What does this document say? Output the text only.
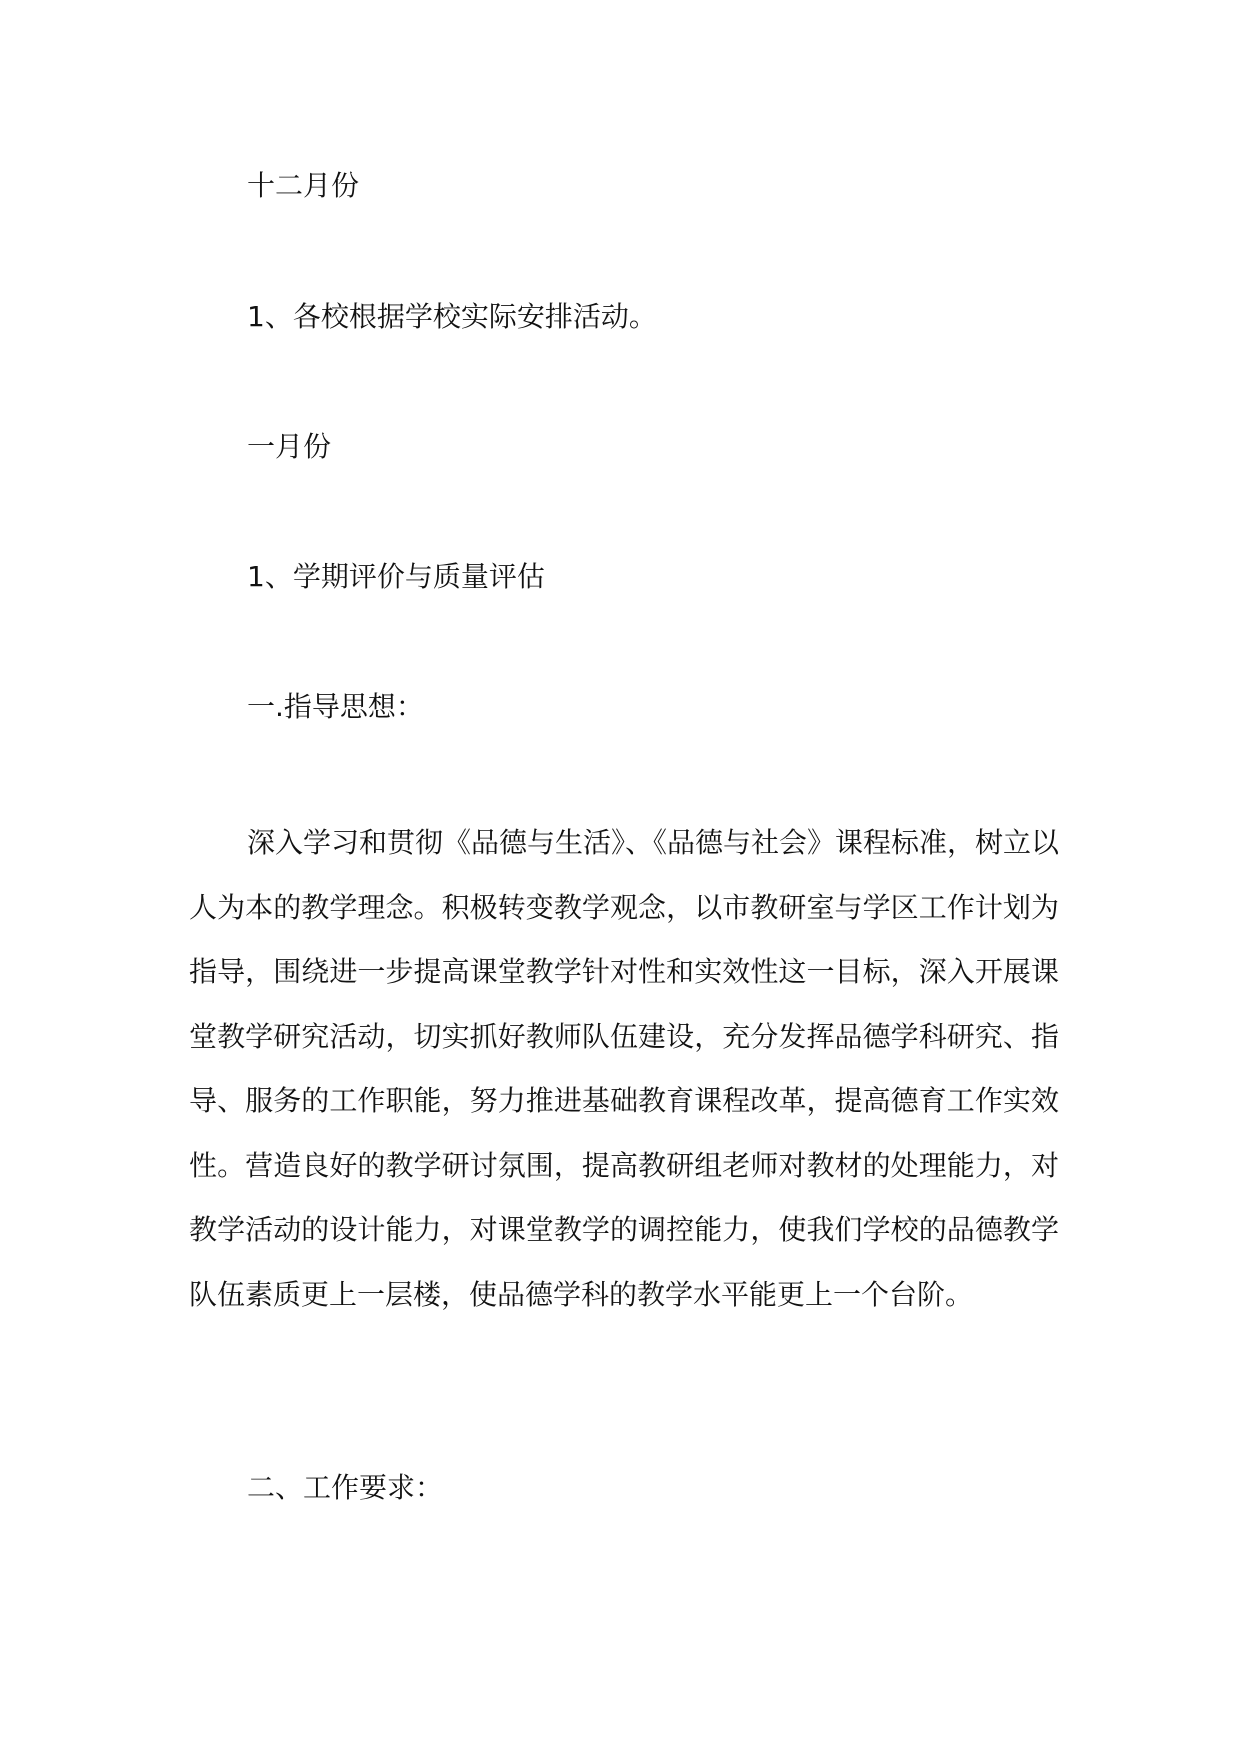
十二月份
1、各校根据学校实际安排活动。
一月份
1、学期评价与质量评估
一.指导思想：

深入学习和贯彻《品德与生活》、《品德与社会》课程标准，树立以人为本的教学理念。积极转变教学观念，以市教研室与学区工作计划为指导，围绕进一步提高课堂教学针对性和实效性这一目标，深入开展课堂教学研究活动，切实抓好教师队伍建设，充分发挥品德学科研究、指导、服务的工作职能，努力推进基础教育课程改革，提高德育工作实效性。营造良好的教学研讨氛围，提高教研组老师对教材的处理能力，对教学活动的设计能力，对课堂教学的调控能力，使我们学校的品德教学队伍素质更上一层楼，使品德学科的教学水平能更上一个台阶。

二、工作要求：
